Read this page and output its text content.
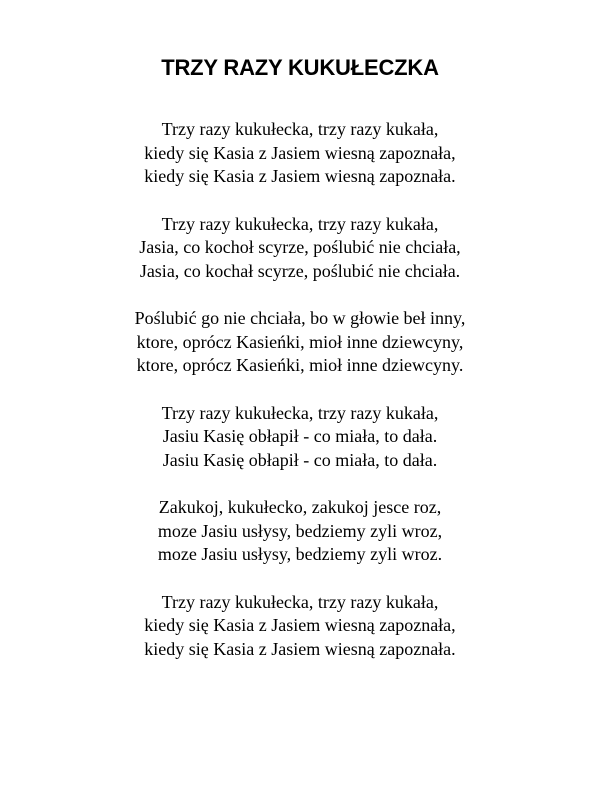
TRZY RAZY KUKUŁECZKA
Trzy razy kukułecka, trzy razy kukała,
kiedy się Kasia z Jasiem wiesną zapoznała,
kiedy się Kasia z Jasiem wiesną zapoznała.
Trzy razy kukułecka, trzy razy kukała,
Jasia, co kochoł scyrze, poślubić nie chciała,
Jasia, co kochał scyrze, poślubić nie chciała.
Poślubić go nie chciała, bo w głowie beł inny,
ktore, oprócz Kasieńki, mioł inne dziewcyny,
ktore, oprócz Kasieńki, mioł inne dziewcyny.
Trzy razy kukułecka, trzy razy kukała,
Jasiu Kasię obłapił - co miała, to dała.
Jasiu Kasię obłapił - co miała, to dała.
Zakukoj, kukułecko, zakukoj jesce roz,
moze Jasiu usłysy, bedziemy zyli wroz,
moze Jasiu usłysy, bedziemy zyli wroz.
Trzy razy kukułecka, trzy razy kukała,
kiedy się Kasia z Jasiem wiesną zapoznała,
kiedy się Kasia z Jasiem wiesną zapoznała.
